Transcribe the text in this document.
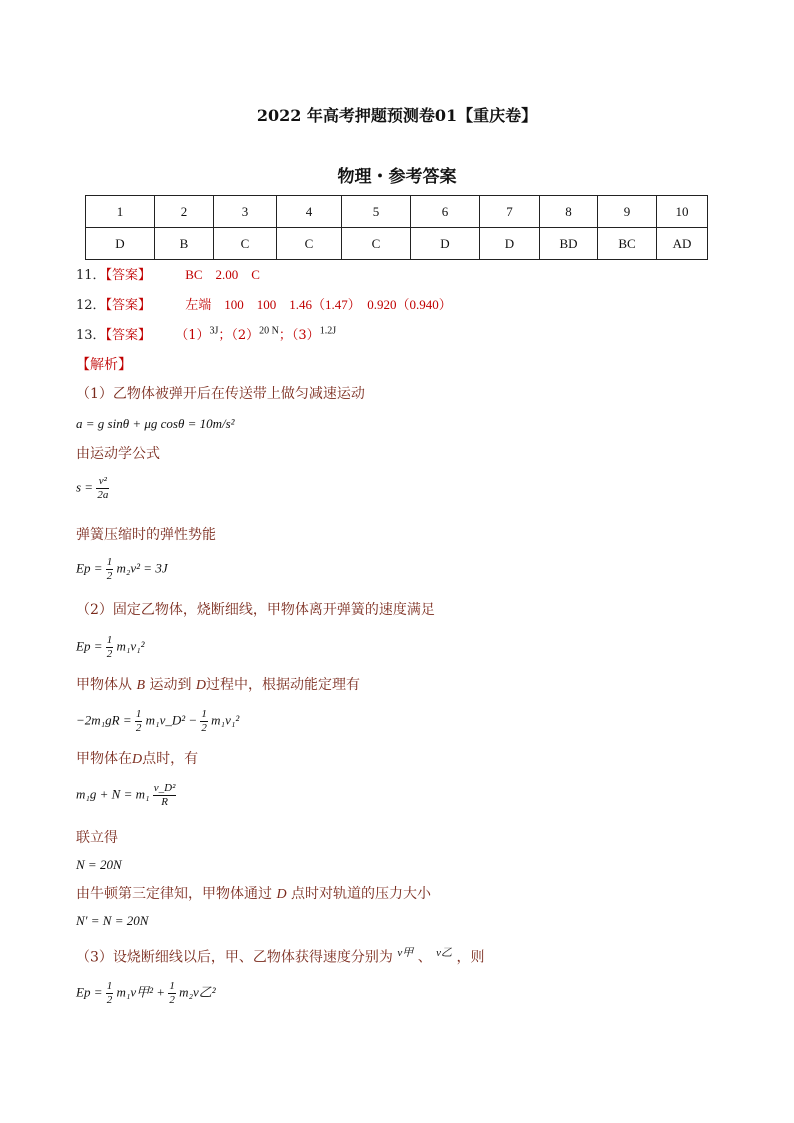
2022 年高考押题预测卷01【重庆卷】
物理・参考答案
1	2	3	4	5	6	7	8	9	10
D	B	C	C	C	D	D	BD	BC	AD
11．【答案】	BC　2.00　C
12．【答案】	左端　100　100　1.46（1.47）　0.920（0.940）
13．【答案】 $(1)^{3J}$；$(2)^{20 N}$；$(3)^{1.2J}$
【解析】
（1）乙物体被弹开后在传送带上做匀减速运动
a = g sinθ + μg cosθ = 10m/s²
由运动学公式
$s = \frac{\text{v²}}{2a}$
弹簧压缩时的弹性势能
$Ep = \frac{1}{2} m_2v^2 = 3J$
（2）固定乙物体，烧断细线，甲物体离开弹簧的速度满足
$Ep = \frac{1}{2} m_1v_1^2$
甲物体从 B 运动到 D过程中，根据动能定理有
$-2m_1gR = \frac{1}{2}$ m₁v_D² − $\frac{1}{2} m_1v_1^2$
甲物体在D点时，有
$m_1g + N = m_1 \frac{\text{v\_D²}}{R}$
联立得
N = 20N
由牛顿第三定律知，甲物体通过 D 点时对轨道的压力大小
N′ = N = 20N
（3）设烧断细线以后，甲、乙物体获得速度分别为 $^{v甲}$ 、 $^{v乙}$ ，则
$Ep = \frac{1}{2} m_1v$甲$^2 + \frac{1}{2} m_2v$乙²
